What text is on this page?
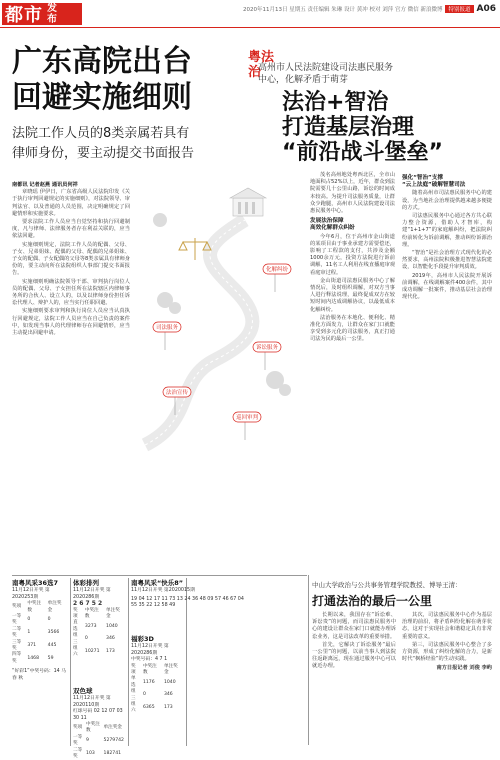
都市 发布
2020年11月13日 星期五 责任编辑 朱琳 设计 黄冲 校对 刘萍 官方 微信 新浪微博	特别报道 A06
广东高院出台
回避实施细则
法院工作人员的8类亲属若具有
律师身份，要主动提交书面报告
粤法治
高州市人民法院建设司法惠民服务
中心，化解矛盾于萌芽
法治+智治
打造基层治理
“前沿战斗堡垒”
化解纠纷
司法服务
诉讼服务
法治宣传
巡回审判
南都讯 记者赵燕 通讯员何祥

章晓瑶 伊伊日，广东省高级人民法院印发《关于执行审判回避规定的实施细则》，对法院领导、审判法官、以及普通的人员范围，决定明确规定了回避情形和实施要求。

要求法院工作人员应当自觉坚持和执行回避制度，凡与律师、法律服务者存在利益关联的，应当依法回避。

实施细则规定，法院工作人员的配偶、父母、子女、兄弟姐妹、配偶的父母、配偶的兄弟姐妹、子女的配偶、子女配偶的父母等8类亲属具有律师身份的，要主动向所在法院组织人事部门提交书面报告。

实施细则明确法院领导干部、审判执行岗位人员的配偶、父母、子女担任所在法院辖区内律师事务所的合伙人、设立人的，以及以律师身份担任诉讼代理人、辩护人的，应当实行任职回避。

实施细则要求审判和执行岗位人员应当认真执行回避规定，法院工作人员应当在自己负责的案件中，如发现当事人的代理律师存在回避情形，应当主动提出回避申请。

茂名高州地处粤西北区，全市山地面积占52%以上，近年，群众到法院需要几十公里山路，诉讼的时间成本较高。为提升司法服务质量，让群众少跑腿，高州市人民法院建设司法惠民服务中心。

发展法治保障
高效化解群众纠纷

今年6月，位于高州市金山街道的某项目由于事业承建方需要偿还，影响了工程款的支付，共涉及金额1000余万元，投资方法院进行诉前调解，11名工人利用在线直播庭审观看庭审过程。

金山街道司法惠民服务中心了解情况后，及时组织调解，对双方当事人进行释法说理，最终促成双方在较短时间内达成调解协议，以最低成本化解纠纷。

法治服务在本地化、便利化、精准化方面发力，让群众在家门口就能享受到多元化的司法服务，真正打通司法为民的最后一公里。

强化“智治”支撑
“云上法庭”破解智慧司法

随着高州市司法惠民服务中心的建设，为当地社会治理提供越来越多便捷的方式。

司法惠民服务中心通过各方共心联力整合资源，借助人才智库，构建“1+1+7”的家庭解纠纷，把法院纠纷前转化为诉前调解，推动纠纷诉源治理。

“智治”是社会治理方式现代化的必然要求，高州法院积极推进智慧法院建设，以智能化手段提升审判质效。

2019年，高州市人民法院开展诉前调解，在线调解案件400余件，其中成功调解一批案件，推动基层社会治理现代化。

中山大学政治与公共事务管理学院教授、博导王清：
打通法治的最后一公里

长期以来，我国存在“诉讼难、诉讼贵”的问题，而司法惠民服务中心的建设让群众在家门口就能办理诉讼业务，这是司法改革的重要举措。

首先，它解决了诉讼服务“最后一公里”的问题，以前当事人到法院往返距离远，现在通过服务中心可以就近办理。

其次，司法惠民服务中心作为基层治理的前沿，将矛盾纠纷化解在萌芽状态，这对于实现社会和谐稳定具有非常重要的意义。

第三，司法惠民服务中心整合了多方资源，形成了纠纷化解的合力，是新时代“枫桥经验”的生动实践。

南方日报记者 刘俊 李屿
南粤风采36选7
11月12日开奖 第2020253期
奖项	中奖注数	单注奖金
一等奖	0	0
二等奖	1	3566
三等奖	371	445
四等奖	1468	59
“好彩1”中奖号码：14 马 春 秋
体彩排列
11月12日开奖 第2020286期
2 6 7 5 2
奖项	中奖注数	单注奖金
直选	3273	1040
组三	0	346
组六	10271	173
双色球
11月12日开奖 第2020110期
红球号码 02 12 07 03 30 11
奖项	中奖注数	单注奖金
一等奖	9	5279742
二等奖	103	182741
南粤风采“快乐8”
11月12日开奖 第2020015期
19 04 12 17 11 73 13 24 36 48 09 57 46 67 04 55 35 22 12 58 49
福彩3D
11月12日开奖 第2020286期
中奖号码：4 7 1
奖项	中奖注数	单注奖金
单选	1176	1040
组三	0	346
组六	6365	173
